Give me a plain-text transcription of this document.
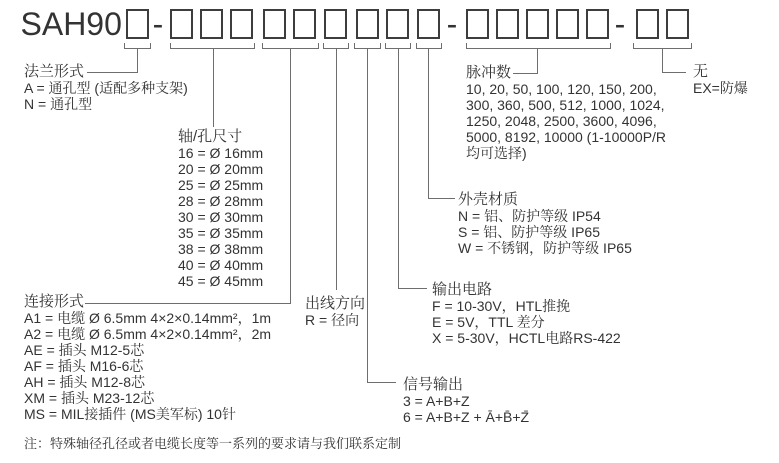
SAH90 -	-	-
法兰形式
A = 通孔型 (适配多种支架)
N = 通孔型
轴/孔尺寸
16 = Ø 16mm
20 = Ø 20mm
25 = Ø 25mm
28 = Ø 28mm
30 = Ø 30mm
35 = Ø 35mm
38 = Ø 38mm
40 = Ø 40mm
45 = Ø 45mm
连接形式
A1 = 电缆 Ø 6.5mm 4×2×0.14mm²，1m
A2 = 电缆 Ø 6.5mm 4×2×0.14mm²，2m
AE = 插头 M12-5芯
AF = 插头 M16-6芯
AH = 插头 M12-8芯
XM = 插头 M23-12芯
MS = MIL接插件 (MS美军标) 10针
出线方向
R = 径向
输出电路
F = 10-30V，HTL推挽
E = 5V，TTL 差分
X = 5-30V，HCTL电路RS-422
信号输出
3 = A+B+Z
6 = A+B+Z + Ā+B̄+Z̄
外壳材质
N = 铝、防护等级 IP54
S = 铝、防护等级 IP65
W = 不锈钢，防护等级 IP65
脉冲数
10, 20, 50, 100, 120, 150, 200,
300, 360, 500, 512, 1000, 1024,
1250, 2048, 2500, 3600, 4096,
5000, 8192, 10000 (1-10000P/R
均可选择)
无
EX=防爆
注：特殊轴径孔径或者电缆长度等一系列的要求请与我们联系定制
